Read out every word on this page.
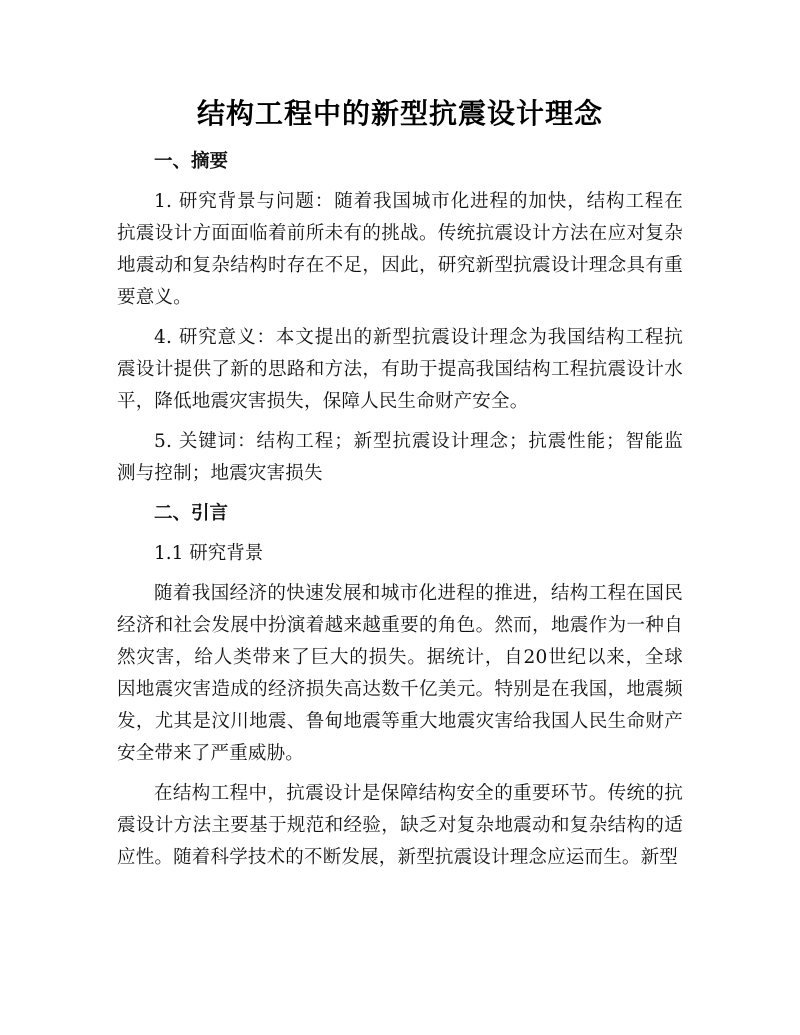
结构工程中的新型抗震设计理念
一、摘要

1. 研究背景与问题：随着我国城市化进程的加快，结构工程在抗震设计方面面临着前所未有的挑战。传统抗震设计方法在应对复杂地震动和复杂结构时存在不足，因此，研究新型抗震设计理念具有重要意义。

4. 研究意义：本文提出的新型抗震设计理念为我国结构工程抗震设计提供了新的思路和方法，有助于提高我国结构工程抗震设计水平，降低地震灾害损失，保障人民生命财产安全。

5. 关键词：结构工程；新型抗震设计理念；抗震性能；智能监测与控制；地震灾害损失

二、引言
1.1 研究背景

随着我国经济的快速发展和城市化进程的推进，结构工程在国民经济和社会发展中扮演着越来越重要的角色。然而，地震作为一种自然灾害，给人类带来了巨大的损失。据统计，自20世纪以来，全球因地震灾害造成的经济损失高达数千亿美元。特别是在我国，地震频发，尤其是汶川地震、鲁甸地震等重大地震灾害给我国人民生命财产安全带来了严重威胁。

在结构工程中，抗震设计是保障结构安全的重要环节。传统的抗震设计方法主要基于规范和经验，缺乏对复杂地震动和复杂结构的适应性。随着科学技术的不断发展，新型抗震设计理念应运而生。新型
